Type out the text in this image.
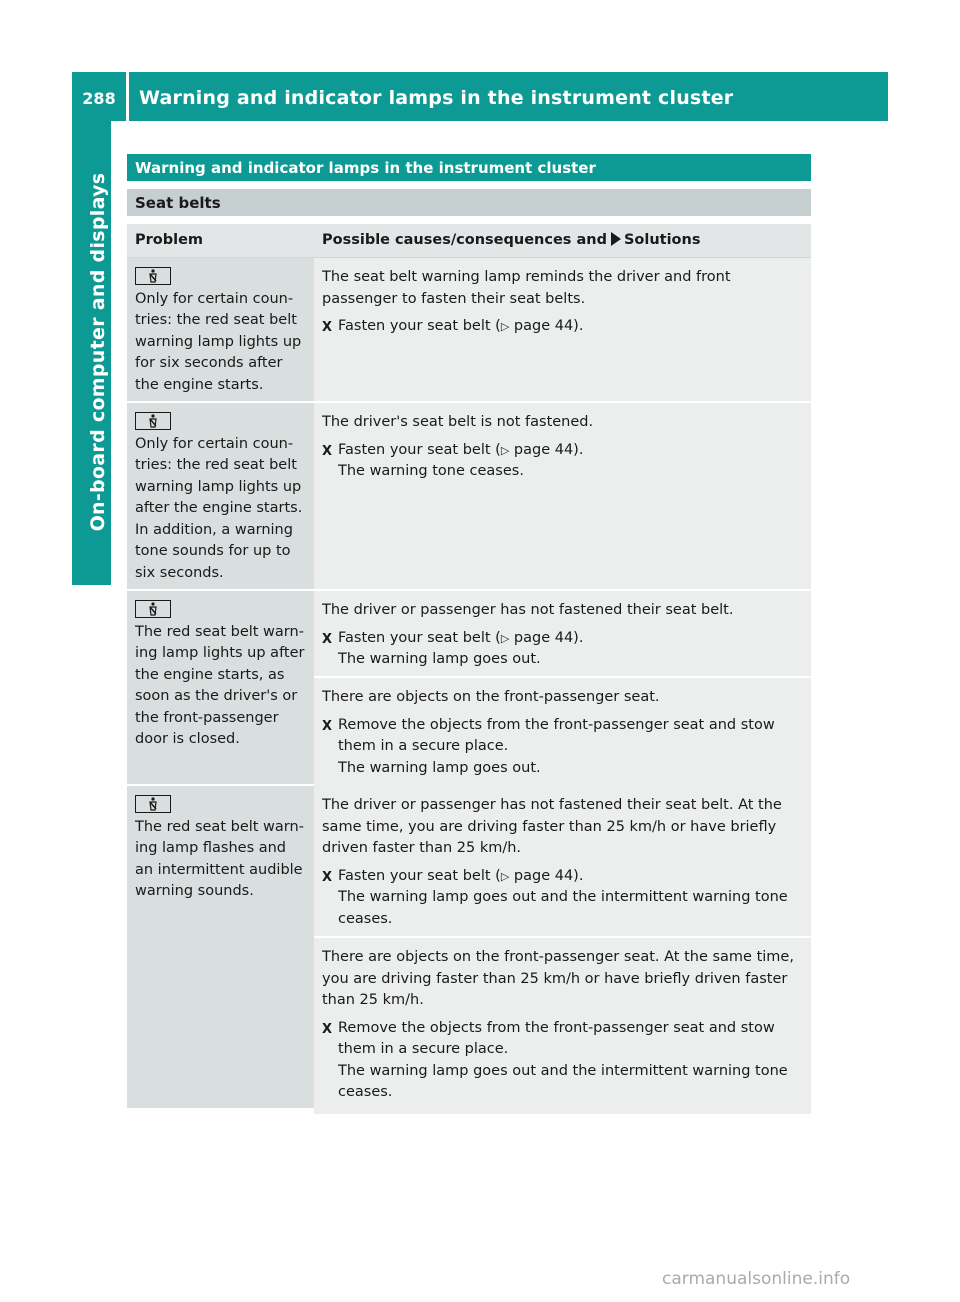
288	Warning and indicator lamps in the instrument cluster
On-board computer and displays
Warning and indicator lamps in the instrument cluster
Seat belts
Problem	Possible causes/consequences and Solutions
Only for certain coun-tries: the red seat belt warning lamp lights up for six seconds after the engine starts.

The seat belt warning lamp reminds the driver and front passenger to fasten their seat belts.

X Fasten your seat belt (▷ page 44).
Only for certain coun-tries: the red seat belt warning lamp lights up after the engine starts. In addition, a warning tone sounds for up to six seconds.

The driver's seat belt is not fastened.

X Fasten your seat belt (▷ page 44).
The warning tone ceases.
The red seat belt warn-ing lamp lights up after the engine starts, as soon as the driver's or the front-passenger door is closed.

The driver or passenger has not fastened their seat belt.

X Fasten your seat belt (▷ page 44).
The warning lamp goes out.

There are objects on the front-passenger seat.

X Remove the objects from the front-passenger seat and stow them in a secure place.
The warning lamp goes out.
The red seat belt warn-ing lamp flashes and an intermittent audible warning sounds.

The driver or passenger has not fastened their seat belt. At the same time, you are driving faster than 25 km/h or have briefly driven faster than 25 km/h.

X Fasten your seat belt (▷ page 44).
The warning lamp goes out and the intermittent warning tone ceases.

There are objects on the front-passenger seat. At the same time, you are driving faster than 25 km/h or have briefly driven faster than 25 km/h.

X Remove the objects from the front-passenger seat and stow them in a secure place.
The warning lamp goes out and the intermittent warning tone ceases.
carmanualsonline.info
